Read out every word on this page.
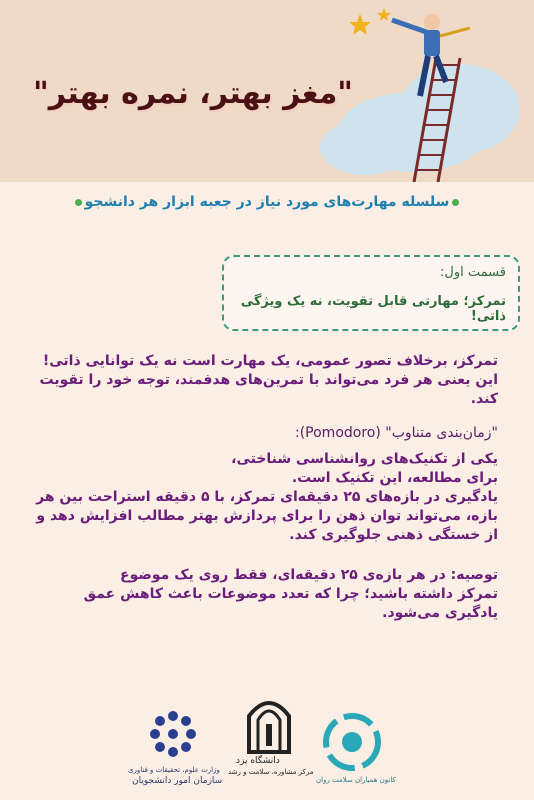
"مغز بهتر، نمره بهتر"
سلسله مهارت‌های مورد نیاز در جعبه ابزار هر دانشجو
قسمت اول:
تمرکز؛ مهارتی قابل تقویت، نه یک ویژگی ذاتی!
تمرکز، برخلاف تصور عمومی، یک مهارت است نه یک توانایی ذاتی!
این یعنی هر فرد می‌تواند با تمرین‌های هدفمند، توجه خود را تقویت کند.
"زمان‌بندی متناوب" (Pomodoro):
یکی از تکنیک‌های روانشناسی شناختی، برای مطالعه، این تکنیک است.
یادگیری در بازه‌های ۲۵ دقیقه‌ای تمرکز، با ۵ دقیقه استراحت بین هر بازه، می‌تواند توان ذهن را برای پردازش بهتر مطالب افزایش دهد و از خستگی ذهنی جلوگیری کند.
توصیه: در هر بازه‌ی ۲۵ دقیقه‌ای، فقط روی یک موضوع تمرکز داشته باشید؛ چرا که تعدد موضوعات باعث کاهش عمق یادگیری می‌شود.
وزارت علوم، تحقیقات و فناوری
سازمان امور دانشجویان
دانشگاه یزد
مرکز مشاوره، سلامت و رشد
کانون همیاران سلامت روان
